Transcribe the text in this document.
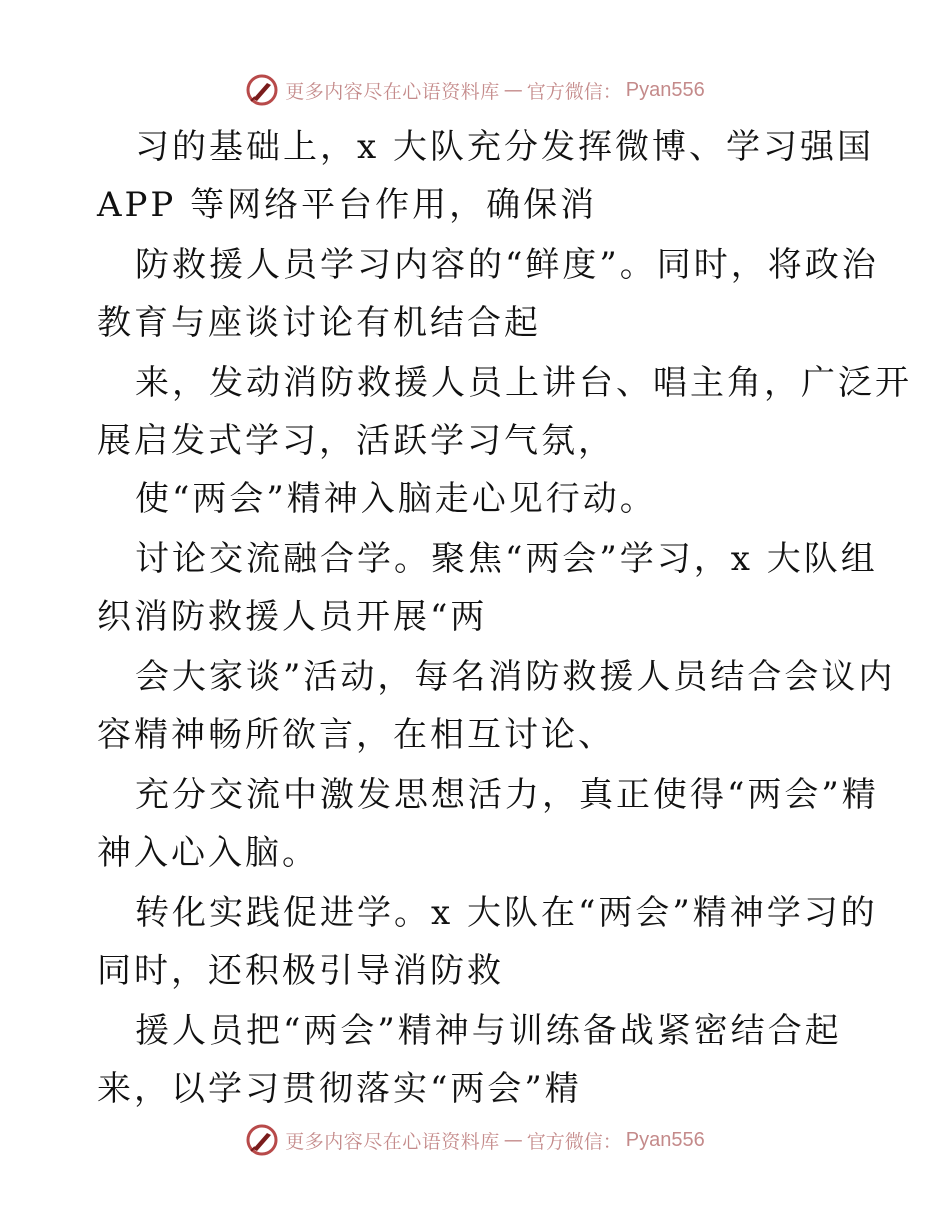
更多内容尽在心语资料库 — 官方微信： Pyan556
习的基础上，x 大队充分发挥微博、学习强国
APP 等网络平台作用，确保消
防救援人员学习内容的“鲜度”。同时，将政治
教育与座谈讨论有机结合起
来，发动消防救援人员上讲台、唱主角，广泛开
展启发式学习，活跃学习气氛，
使“两会”精神入脑走心见行动。
讨论交流融合学。聚焦“两会”学习，x 大队组
织消防救援人员开展“两
会大家谈”活动，每名消防救援人员结合会议内
容精神畅所欲言，在相互讨论、
充分交流中激发思想活力，真正使得“两会”精
神入心入脑。
转化实践促进学。x 大队在“两会”精神学习的
同时，还积极引导消防救
援人员把“两会”精神与训练备战紧密结合起
来，以学习贯彻落实“两会”精
更多内容尽在心语资料库 — 官方微信： Pyan556
